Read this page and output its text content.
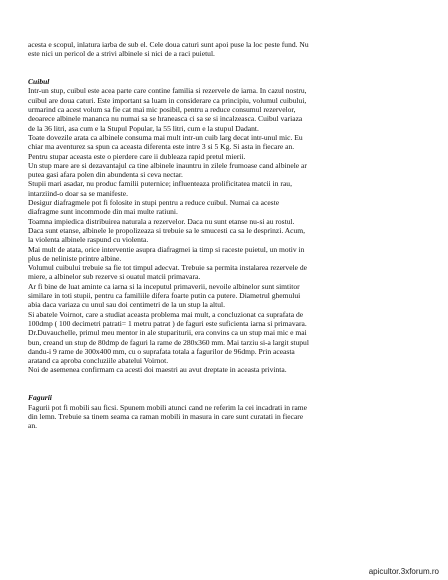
acesta e scopul, inlatura iarba de sub el. Cele doua caturi sunt apoi puse la loc peste fund. Nu

este nici un pericol de a strivi albinele si nici de a raci puietul.

Cuibul

Intr-un stup, cuibul este acea parte care contine familia si rezervele de iarna. In cazul nostru,

cuibul are doua caturi. Este important sa luam in considerare ca principiu, volumul cuibului,

urmarind ca acest volum sa fie cat mai mic posibil, pentru a reduce consumul rezervelor,

deoarece albinele mananca nu numai sa se hraneasca ci sa se si incalzeasca. Cuibul variaza

de la 36 litri, asa cum e la Stupul Popular, la 55 litri, cum e la stupul Dadant.

Toate dovezile arata ca albinele consuma mai mult intr-un cuib larg decat intr-unul mic. Eu

chiar ma aventurez sa spun ca aceasta diferenta este intre 3 si 5 Kg. Si asta in fiecare an.

Pentru stupar aceasta este o pierdere care ii dubleaza rapid pretul mierii.

Un stup mare are si dezavantajul ca tine albinele inauntru in zilele frumoase cand albinele ar

putea gasi afara polen din abundenta si ceva nectar.

Stupii mari asadar, nu produc familii puternice; influenteaza prolificitatea matcii in rau,

intarziind-o doar sa se manifeste.

Desigur diafragmele pot fi folosite in stupi pentru a reduce cuibul. Numai ca aceste

diafragme sunt incommode din mai multe ratiuni.

Toamna impiedica distribuirea naturala a rezervelor. Daca nu sunt etanse nu-si au rostul.

Daca sunt etanse, albinele le propolizeaza si trebuie sa le smucesti ca sa le desprinzi. Acum,

la violenta albinele raspund cu violenta.

Mai mult de atata, orice interventie asupra diafragmei ia timp si raceste puietul, un motiv in

plus de neliniste printre albine.

Volumul cuibului trebuie sa fie tot timpul adecvat. Trebuie sa permita instalarea rezervele de

miere, a albinelor sub rezerve si ouatul matcii primavara.

Ar fi bine de luat aminte ca iarna si la inceputul primaverii, nevoile albinelor sunt simtitor

similare in toti stupii, pentru ca familiile difera foarte putin ca putere. Diametrul ghemului

abia daca variaza cu unul sau doi centimetri de la un stup la altul.

Si abatele Voirnot, care a studiat aceasta problema mai mult, a concluzionat ca suprafata de

100dmp ( 100 decimetri patrati= 1 metru patrat ) de faguri este suficienta iarna si primavara.

Dr.Duvauchelle, primul meu mentor in ale stupariturii, era convins ca un stup mai mic e mai

bun, creand un stup de 80dmp de faguri la rame de 280x360 mm. Mai tarziu si-a largit stupul

dandu-i 9 rame de 300x400 mm, cu o suprafata totala a fagurilor de 96dmp. Prin aceasta

aratand ca aproba concluziile abatelui Voirnot.

Noi de asemenea confirmam ca acesti doi maestri au avut dreptate in aceasta privinta.

Fagurii

Fagurii pot fi mobili sau ficsi. Spunem mobili atunci cand ne referim la cei incadrati in rame

din lemn. Trebuie sa tinem seama ca raman mobili in masura in care sunt curatati in fiecare

an.

apicultor.3xforum.ro
